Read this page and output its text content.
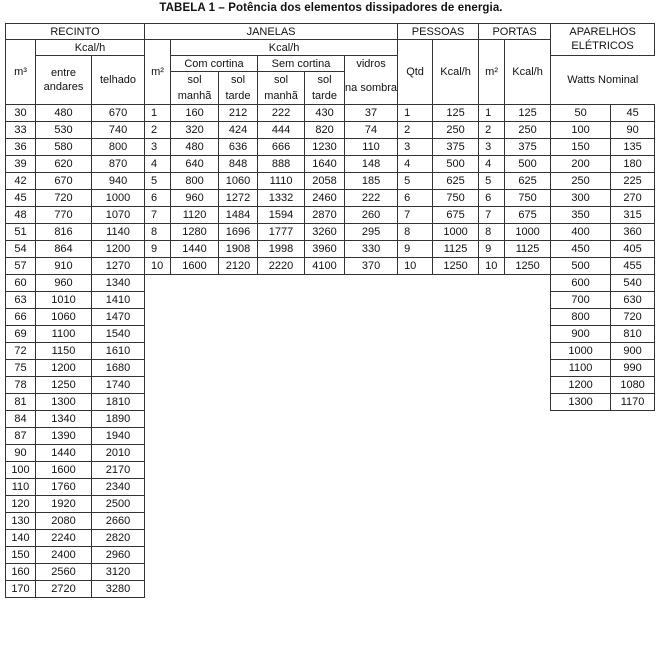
TABELA 1 – Potência dos elementos dissipadores de energia.
RECINTO			JANELAS						PESSOAS		PORTAS		APARELHOS ELÉTRICOS	
m³	Kcal/h		m²	Kcal/h					Qtd	Kcal/h	m²	Kcal/h		
	entre andares	telhado		Com cortina		Sem cortina		vidros					Watts Nominal	
				sol	sol	sol	sol	na sombra						
				manhã	tarde	manhã	tarde							
30	480	670	1	160	212	222	430	37	1	125	1	125	50	45
33	530	740	2	320	424	444	820	74	2	250	2	250	100	90
36	580	800	3	480	636	666	1230	110	3	375	3	375	150	135
39	620	870	4	640	848	888	1640	148	4	500	4	500	200	180
42	670	940	5	800	1060	1110	2058	185	5	625	5	625	250	225
45	720	1000	6	960	1272	1332	2460	222	6	750	6	750	300	270
48	770	1070	7	1120	1484	1594	2870	260	7	675	7	675	350	315
51	816	1140	8	1280	1696	1777	3260	295	8	1000	8	1000	400	360
54	864	1200	9	1440	1908	1998	3960	330	9	1125	9	1125	450	405
57	910	1270	10	1600	2120	2220	4100	370	10	1250	10	1250	500	455
60	960	1340											600	540
63	1010	1410											700	630
66	1060	1470											800	720
69	1100	1540											900	810
72	1150	1610											1000	900
75	1200	1680											1100	990
78	1250	1740											1200	1080
81	1300	1810											1300	1170
84	1340	1890												
87	1390	1940												
90	1440	2010												
100	1600	2170												
110	1760	2340												
120	1920	2500												
130	2080	2660												
140	2240	2820												
150	2400	2960												
160	2560	3120												
170	2720	3280												
